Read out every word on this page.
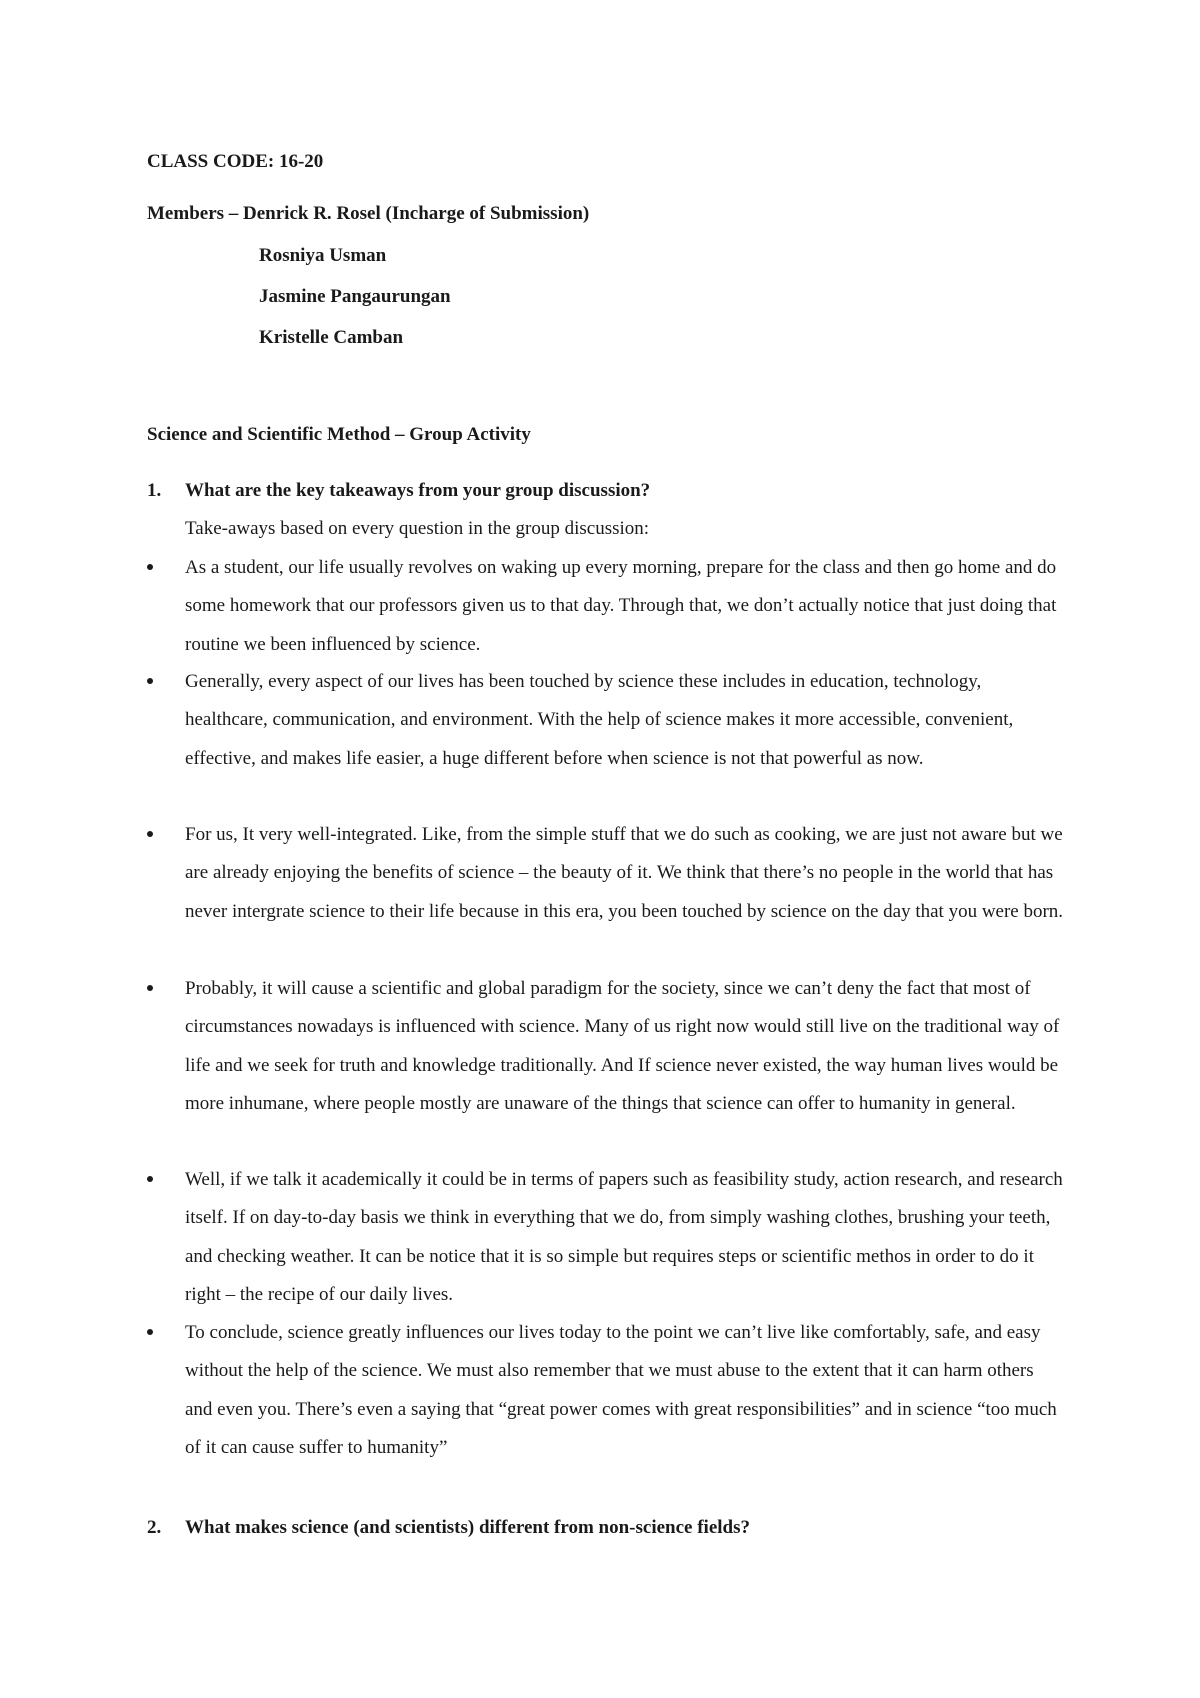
CLASS CODE: 16-20
Members – Denrick R. Rosel (Incharge of Submission)
Rosniya Usman
Jasmine Pangaurungan
Kristelle Camban
Science and Scientific Method – Group Activity
1. What are the key takeaways from your group discussion?
Take-aways based on every question in the group discussion:
As a student, our life usually revolves on waking up every morning, prepare for the class and then go home and do some homework that our professors given us to that day. Through that, we don’t actually notice that just doing that routine we been influenced by science.
Generally, every aspect of our lives has been touched by science these includes in education, technology, healthcare, communication, and environment. With the help of science makes it more accessible, convenient, effective, and makes life easier, a huge different before when science is not that powerful as now.
For us, It very well-integrated. Like, from the simple stuff that we do such as cooking, we are just not aware but we are already enjoying the benefits of science – the beauty of it. We think that there’s no people in the world that has never intergrate science to their life because in this era, you been touched by science on the day that you were born.
Probably, it will cause a scientific and global paradigm for the society, since we can’t deny the fact that most of circumstances nowadays is influenced with science. Many of us right now would still live on the traditional way of life and we seek for truth and knowledge traditionally. And If science never existed, the way human lives would be more inhumane, where people mostly are unaware of the things that science can offer to humanity in general.
Well, if we talk it academically it could be in terms of papers such as feasibility study, action research, and research itself. If on day-to-day basis we think in everything that we do, from simply washing clothes, brushing your teeth, and checking weather. It can be notice that it is so simple but requires steps or scientific methos in order to do it right – the recipe of our daily lives.
To conclude, science greatly influences our lives today to the point we can’t live like comfortably, safe, and easy without the help of the science. We must also remember that we must abuse to the extent that it can harm others and even you. There’s even a saying that “great power comes with great responsibilities” and in science “too much of it can cause suffer to humanity”
2. What makes science (and scientists) different from non-science fields?
